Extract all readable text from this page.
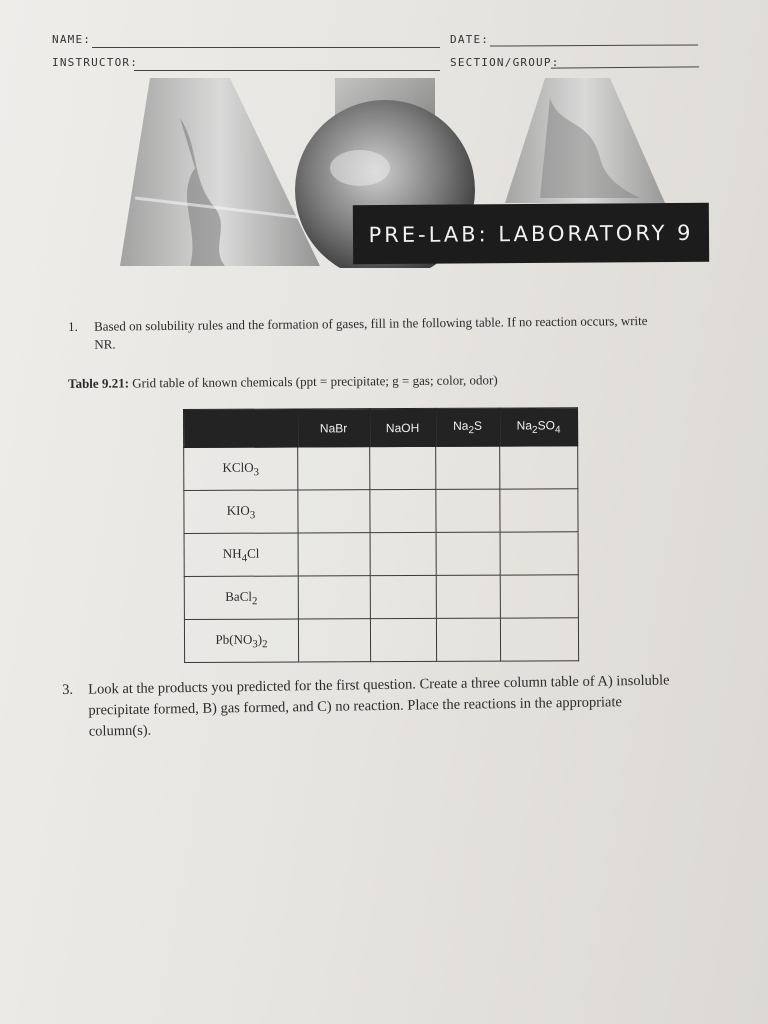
NAME:	DATE:
INSTRUCTOR:	SECTION/GROUP:
PRE-LAB: LABORATORY 9
1. Based on solubility rules and the formation of gases, fill in the following table. If no reaction occurs, write NR.
Table 9.21: Grid table of known chemicals (ppt = precipitate; g = gas; color, odor)
	NaBr	NaOH	$Na_2S$	$Na_2SO_4$
KClO$_3$				
$KIO_3$				
$NH_4Cl$				
BaCl$_2$				
$Pb(NO_3)_2$				
3. Look at the products you predicted for the first question. Create a three column table of A) insoluble precipitate formed, B) gas formed, and C) no reaction. Place the reactions in the appropriate column(s).
